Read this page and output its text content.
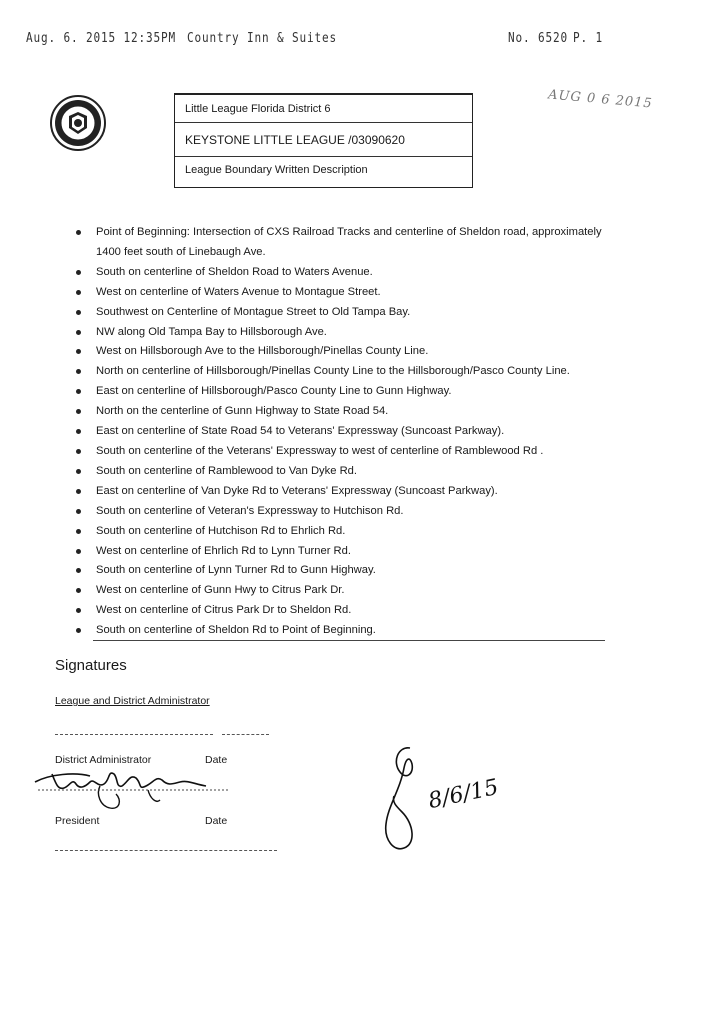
Aug. 6. 2015 12:35PM Country Inn & Suites	No. 6520 P. 1
Little League Florida District 6
KEYSTONE LITTLE LEAGUE /03090620
League Boundary Written Description
AUG 0 6 2015
Point of Beginning: Intersection of CXS Railroad Tracks and centerline of Sheldon road, approximately 1400 feet south of Linebaugh Ave.
South on centerline of Sheldon Road to Waters Avenue.
West on centerline of Waters Avenue to Montague Street.
Southwest on Centerline of Montague Street to Old Tampa Bay.
NW along Old Tampa Bay to Hillsborough Ave.
West on Hillsborough Ave to the Hillsborough/Pinellas County Line.
North on centerline of Hillsborough/Pinellas County Line to the Hillsborough/Pasco County Line.
East on centerline of Hillsborough/Pasco County Line to Gunn Highway.
North on the centerline of Gunn Highway to State Road 54.
East on centerline of State Road 54 to Veterans' Expressway (Suncoast Parkway).
South on centerline of the Veterans' Expressway to west of centerline of Ramblewood Rd .
South on centerline of Ramblewood to Van Dyke Rd.
East on centerline of Van Dyke Rd to Veterans' Expressway (Suncoast Parkway).
South on centerline of Veteran's Expressway to Hutchison Rd.
South on centerline of Hutchison Rd to Ehrlich Rd.
West on centerline of Ehrlich Rd to Lynn Turner Rd.
South on centerline of Lynn Turner Rd to Gunn Highway.
West on centerline of Gunn Hwy to Citrus Park Dr.
West on centerline of Citrus Park Dr to Sheldon Rd.
South on centerline of Sheldon Rd to Point of Beginning.
Signatures
League and District Administrator
District Administrator	Date
President	Date
8/6/15
